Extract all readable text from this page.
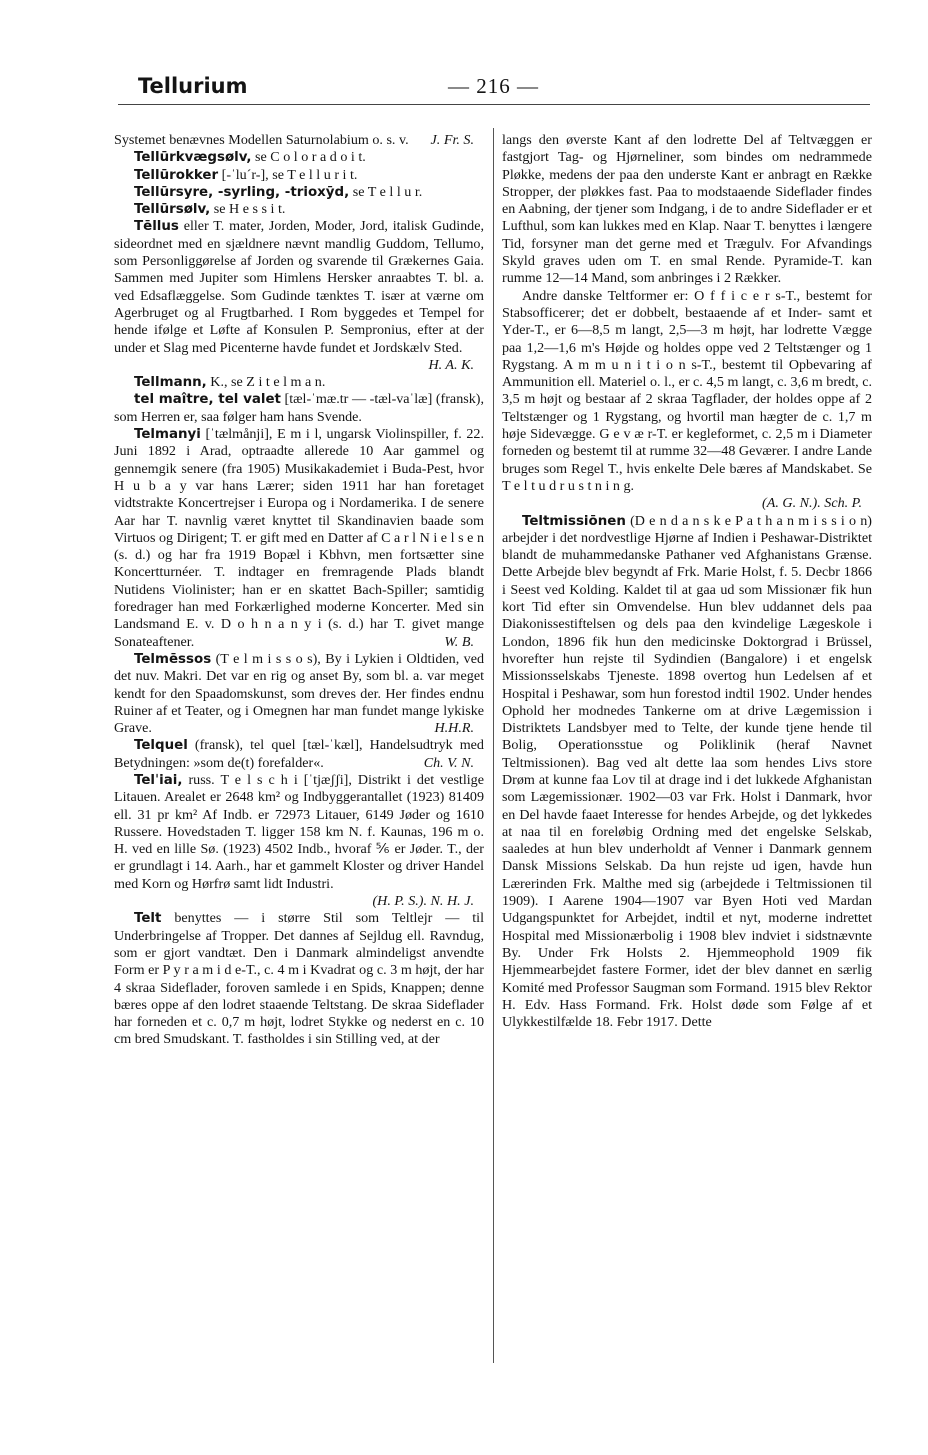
Tellurium	— 216 —

Systemet benævnes Modellen Saturnolabium o. s. v. J. Fr. S.

Tellūrkvægsølv, se C o l o r a d o i t.

Tellūrokker [-ˈlu´r-], se T e l l u r i t.

Tellūrsyre, -syrling, -trioxȳd, se T e l l u r.

Tellūrsølv, se H e s s i t.

Tēllus eller T. mater, Jorden, Moder, Jord, italisk Gudinde, sideordnet med en sjældnere nævnt mandlig Guddom, Tellumo, som Personliggørelse af Jorden og svarende til Grækernes Gaia. Sammen med Jupiter som Himlens Hersker anraabtes T. bl. a. ved Edsaflæggelse. Som Gudinde tænktes T. især at værne om Agerbruget og al Frugtbarhed. I Rom byggedes et Tempel for hende ifølge et Løfte af Konsulen P. Sempronius, efter at der under et Slag med Picenterne havde fundet et Jordskælv Sted.
H. A. K.

Tellmann, K., se Z i t e l m a n.

tel maître, tel valet [tæl-ˈmæ.tr — -tæl-vaˈlæ] (fransk), som Herren er, saa følger ham hans Svende.

Telmanyi [ˈtælmånji], E m i l, ungarsk Violinspiller, f. 22. Juni 1892 i Arad, optraadte allerede 10 Aar gammel og gennemgik senere (fra 1905) Musikakademiet i Buda-Pest, hvor H u b a y var hans Lærer; siden 1911 har han foretaget vidtstrakte Koncertrejser i Europa og i Nordamerika. I de senere Aar har T. navnlig været knyttet til Skandinavien baade som Virtuos og Dirigent; T. er gift med en Datter af C a r l N i e l s e n (s. d.) og har fra 1919 Bopæl i Kbhvn, men fortsætter sine Koncertturnéer. T. indtager en fremragende Plads blandt Nutidens Violinister; han er en skattet Bach-Spiller; samtidig foredrager han med Forkærlighed moderne Koncerter. Med sin Landsmand E. v. D o h n a n y i (s. d.) har T. givet mange Sonateaftener.	W. B.

Telmēssos (T e l m i s s o s), By i Lykien i Oldtiden, ved det nuv. Makri. Det var en rig og anset By, som bl. a. var meget kendt for den Spaadomskunst, som dreves der. Her findes endnu Ruiner af et Teater, og i Omegnen har man fundet mange lykiske Grave.	H.H.R.

Telquel (fransk), tel quel [tæl-ˈkæl], Handelsudtryk med Betydningen: »som de(t) forefalder«.	Ch. V. N.

Telˈiai, russ. T e l s c h i [ˈtjæʃʃi], Distrikt i det vestlige Litauen. Arealet er 2648 km² og Indbyggerantallet (1923) 81409 ell. 31 pr km² Af Indb. er 72973 Litauer, 6149 Jøder og 1610 Russere. Hovedstaden T. ligger 158 km N. f. Kaunas, 196 m o. H. ved en lille Sø. (1923) 4502 Indb., hvoraf ⅚ er Jøder. T., der er grundlagt i 14. Aarh., har et gammelt Kloster og driver Handel med Korn og Hørfrø samt lidt Industri.
(H. P. S.). N. H. J.

Telt benyttes — i større Stil som Teltlejr — til Underbringelse af Tropper. Det dannes af Sejldug ell. Ravndug, som er gjort vandtæt. Den i Danmark almindeligst anvendte Form er P y r a m i d e-T., c. 4 m i Kvadrat og c. 3 m højt, der har 4 skraa Sideflader, foroven samlede i en Spids, Knappen; denne bæres oppe af den lodret staaende Teltstang. De skraa Sideflader har forneden et c. 0,7 m højt, lodret Stykke og nederst en c. 10 cm bred Smudskant. T. fastholdes i sin Stilling ved, at der

langs den øverste Kant af den lodrette Del af Teltvæggen er fastgjort Tag- og Hjørneliner, som bindes om nedrammede Pløkke, medens der paa den underste Kant er anbragt en Række Stropper, der pløkkes fast. Paa to modstaaende Sideflader findes en Aabning, der tjener som Indgang, i de to andre Sideflader er et Lufthul, som kan lukkes med en Klap. Naar T. benyttes i længere Tid, forsyner man det gerne med et Trægulv. For Afvandings Skyld graves uden om T. en smal Rende. Pyramide-T. kan rumme 12—14 Mand, som anbringes i 2 Rækker.

Andre danske Teltformer er: O f f i c e r s-T., bestemt for Stabsofficerer; det er dobbelt, bestaaende af et Inder- samt et Yder-T., er 6—8,5 m langt, 2,5—3 m højt, har lodrette Vægge paa 1,2—1,6 m's Højde og holdes oppe ved 2 Teltstænger og 1 Rygstang. A m m u n i t i o n s-T., bestemt til Opbevaring af Ammunition ell. Materiel o. l., er c. 4,5 m langt, c. 3,6 m bredt, c. 3,5 m højt og bestaar af 2 skraa Tagflader, der holdes oppe af 2 Teltstænger og 1 Rygstang, og hvortil man hægter de c. 1,7 m høje Sidevægge. G e v æ r-T. er kegleformet, c. 2,5 m i Diameter forneden og bestemt til at rumme 32—48 Geværer. I andre Lande bruges som Regel T., hvis enkelte Dele bæres af Mandskabet. Se T e l t u d r u s t n i n g.
(A. G. N.). Sch. P.

Teltmissiōnen (D e n d a n s k e P a t h a n m i s s i o n) arbejder i det nordvestlige Hjørne af Indien i Peshawar-Distriktet blandt de muhammedanske Pathaner ved Afghanistans Grænse. Dette Arbejde blev begyndt af Frk. Marie Holst, f. 5. Decbr 1866 i Seest ved Kolding. Kaldet til at gaa ud som Missionær fik hun kort Tid efter sin Omvendelse. Hun blev uddannet dels paa Diakonissestiftelsen og dels paa den kvindelige Lægeskole i London, 1896 fik hun den medicinske Doktorgrad i Brüssel, hvorefter hun rejste til Sydindien (Bangalore) i et engelsk Missionsselskabs Tjeneste. 1898 overtog hun Ledelsen af et Hospital i Peshawar, som hun forestod indtil 1902. Under hendes Ophold her modnedes Tankerne om at drive Lægemission i Distriktets Landsbyer med to Telte, der kunde tjene hende til Bolig, Operationsstue og Poliklinik (heraf Navnet Teltmissionen). Bag ved alt dette laa som hendes Livs store Drøm at kunne faa Lov til at drage ind i det lukkede Afghanistan som Lægemissionær. 1902—03 var Frk. Holst i Danmark, hvor en Del havde faaet Interesse for hendes Arbejde, og det lykkedes at naa til en foreløbig Ordning med det engelske Selskab, saaledes at hun blev underholdt af Venner i Danmark gennem Dansk Missions Selskab. Da hun rejste ud igen, havde hun Lærerinden Frk. Malthe med sig (arbejdede i Teltmissionen til 1909). I Aarene 1904—1907 var Byen Hoti ved Mardan Udgangspunktet for Arbejdet, indtil et nyt, moderne indrettet Hospital med Missionærbolig i 1908 blev indviet i sidstnævnte By. Under Frk Holsts 2. Hjemmeophold 1909 fik Hjemmearbejdet fastere Former, idet der blev dannet en særlig Komité med Professor Saugman som Formand. 1915 blev Rektor H. Edv. Hass Formand. Frk. Holst døde som Følge af et Ulykkestilfælde 18. Febr 1917. Dette
